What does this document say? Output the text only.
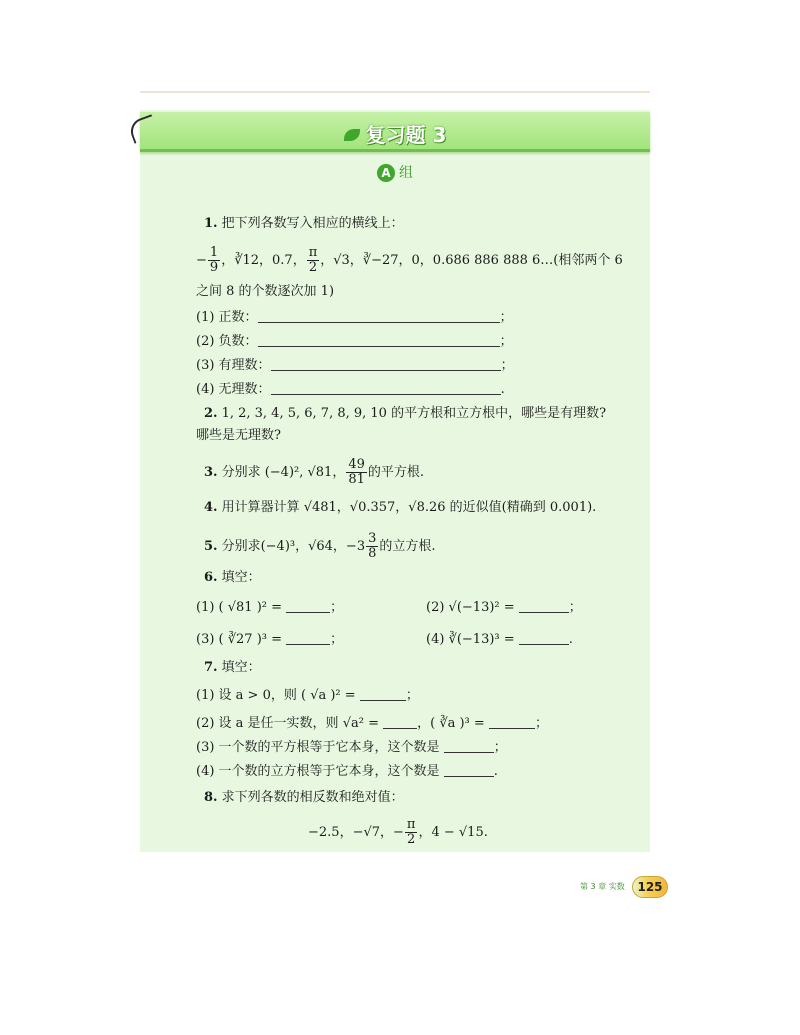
复习题 3
A 组
1. 把下列各数写入相应的横线上：
− $\frac{1}{9}$ ，∛12，0.7， $\frac{\pi}{2}$ ，√3，∛−27，0，0.686 886 888 6…(相邻两个 6
之间 8 的个数逐次加 1)
(1) 正数：	；
(2) 负数：	；
(3) 有理数：	；
(4) 无理数：	.
2. 1, 2, 3, 4, 5, 6, 7, 8, 9, 10 的平方根和立方根中，哪些是有理数?
哪些是无理数?
3. 分别求 (−4)², √81， $\frac{49}{81}$ 的平方根.
4. 用计算器计算 √481，√0.357，√8.26 的近似值(精确到 0.001).
5. 分别求(−4)³，√64，$-3 \frac{3}{8}$ 的立方根.
6. 填空：
(1) ( √81 )² =	；	(2) √(−13)² =	；
(3) ( ∛27 )³ =	；	(4) ∛(−13)³ =	.
7. 填空：
(1) 设 a > 0，则 ( √a )² =	；
(2) 设 a 是任一实数，则 √a² =	，( ∛a )³ =	；
(3) 一个数的平方根等于它本身，这个数是	；
(4) 一个数的立方根等于它本身，这个数是	.
8. 求下列各数的相反数和绝对值：
−2.5，−√7，− $\frac{\pi}{2}$ ，4 − √15.
第 3 章 实数	125
